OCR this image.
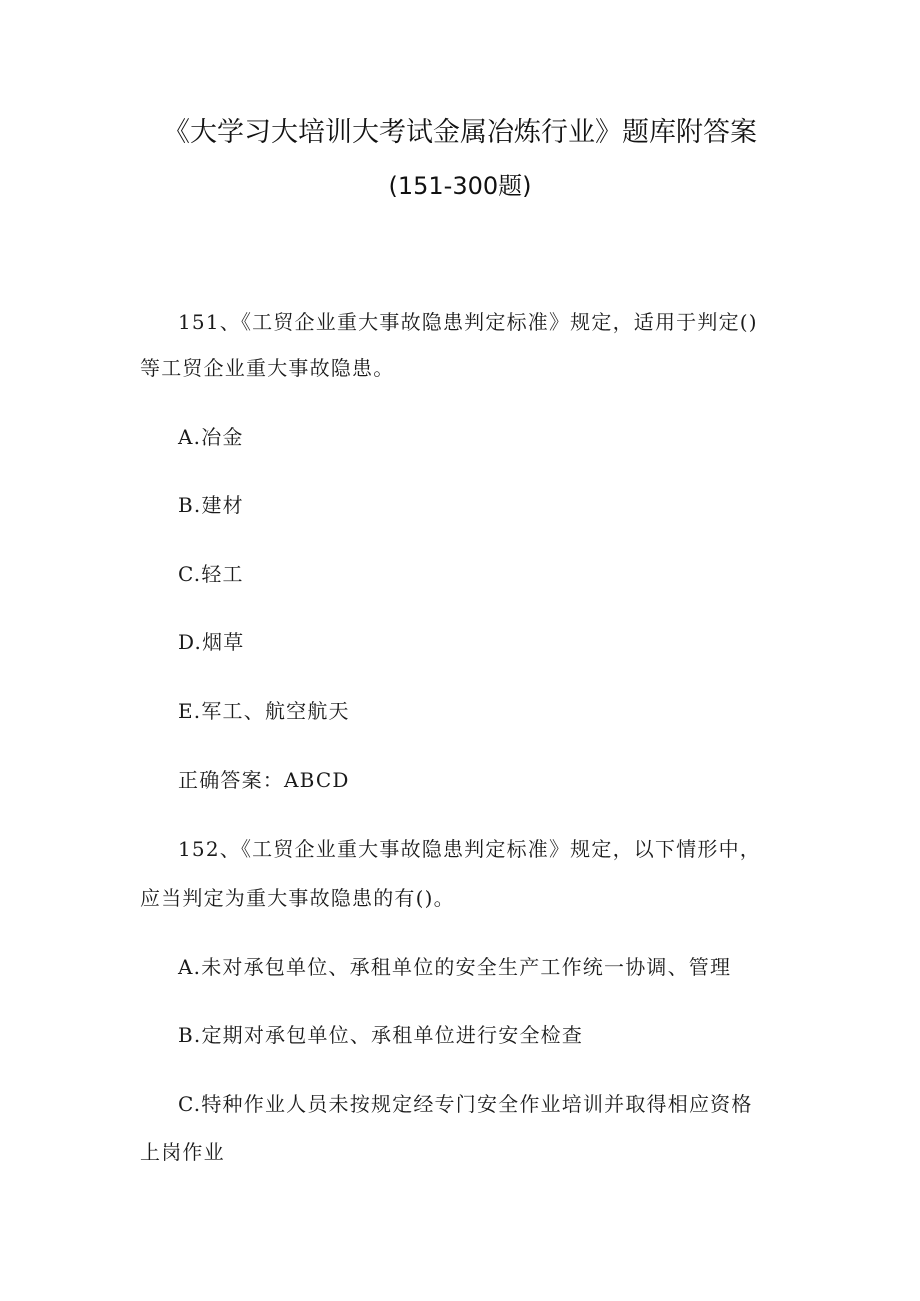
《大学习大培训大考试金属冶炼行业》题库附答案
(151-300题)
151、《工贸企业重大事故隐患判定标准》规定，适用于判定()
等工贸企业重大事故隐患。
A.冶金
B.建材
C.轻工
D.烟草
E.军工、航空航天
正确答案：ABCD
152、《工贸企业重大事故隐患判定标准》规定，以下情形中，
应当判定为重大事故隐患的有()。
A.未对承包单位、承租单位的安全生产工作统一协调、管理
B.定期对承包单位、承租单位进行安全检查
C.特种作业人员未按规定经专门安全作业培训并取得相应资格
上岗作业
